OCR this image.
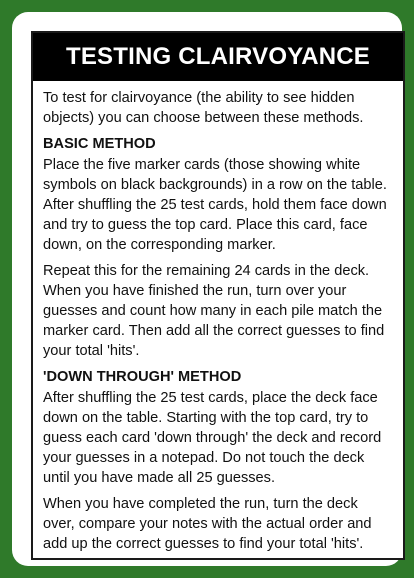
TESTING CLAIRVOYANCE

To test for clairvoyance (the ability to see hidden objects) you can choose between these methods.

BASIC METHOD

Place the five marker cards (those showing white symbols on black backgrounds) in a row on the table. After shuffling the 25 test cards, hold them face down and try to guess the top card. Place this card, face down, on the corresponding marker.

Repeat this for the remaining 24 cards in the deck. When you have finished the run, turn over your guesses and count how many in each pile match the marker card. Then add all the correct guesses to find your total 'hits'.

'DOWN THROUGH' METHOD

After shuffling the 25 test cards, place the deck face down on the table. Starting with the top card, try to guess each card 'down through' the deck and record your guesses in a notepad. Do not touch the deck until you have made all 25 guesses.

When you have completed the run, turn the deck over, compare your notes with the actual order and add up the correct guesses to find your total 'hits'.
